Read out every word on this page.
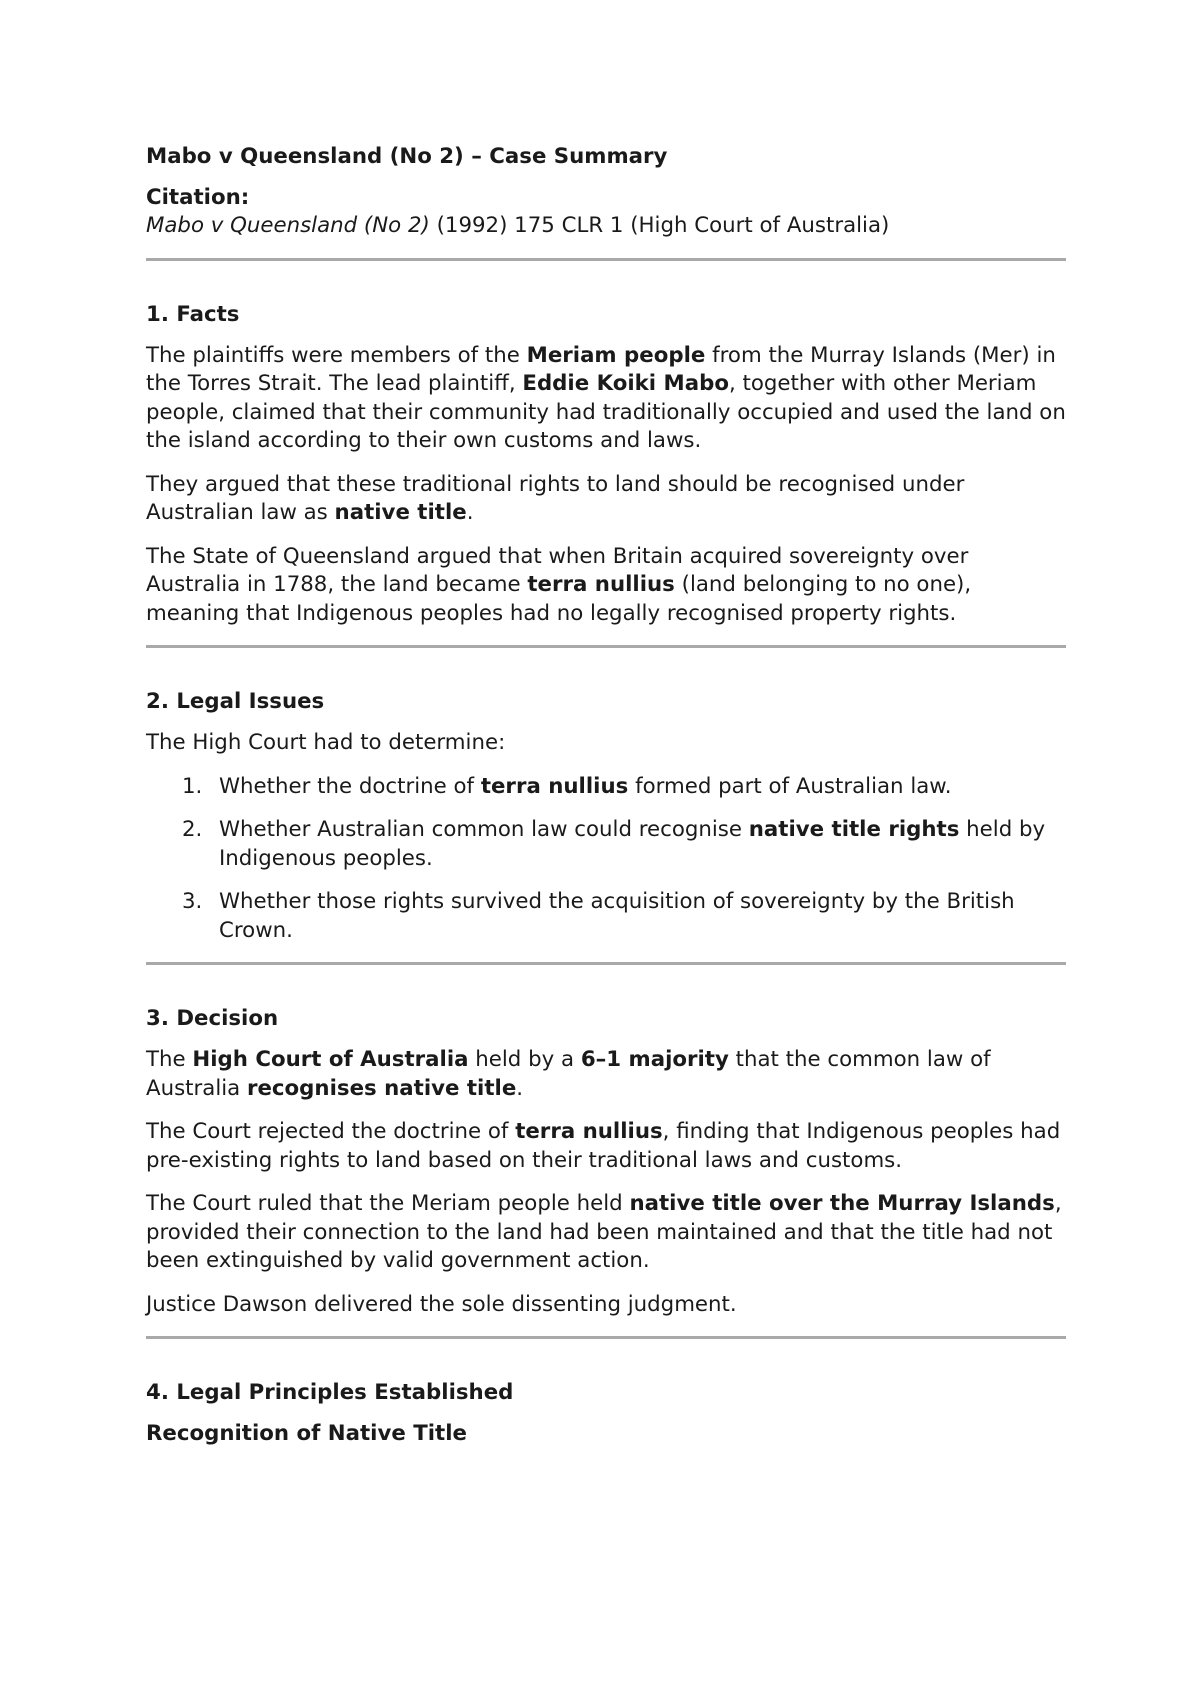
Mabo v Queensland (No 2) – Case Summary

Citation:

Mabo v Queensland (No 2) (1992) 175 CLR 1 (High Court of Australia)

1. Facts

The plaintiffs were members of the Meriam people from the Murray Islands (Mer) in the Torres Strait. The lead plaintiff, Eddie Koiki Mabo, together with other Meriam people, claimed that their community had traditionally occupied and used the land on the island according to their own customs and laws.

They argued that these traditional rights to land should be recognised under Australian law as native title.

The State of Queensland argued that when Britain acquired sovereignty over Australia in 1788, the land became terra nullius (land belonging to no one), meaning that Indigenous peoples had no legally recognised property rights.

2. Legal Issues

The High Court had to determine:

1. Whether the doctrine of terra nullius formed part of Australian law.
2. Whether Australian common law could recognise native title rights held by Indigenous peoples.
3. Whether those rights survived the acquisition of sovereignty by the British Crown.
3. Decision

The High Court of Australia held by a 6–1 majority that the common law of Australia recognises native title.

The Court rejected the doctrine of terra nullius, finding that Indigenous peoples had pre-existing rights to land based on their traditional laws and customs.

The Court ruled that the Meriam people held native title over the Murray Islands, provided their connection to the land had been maintained and that the title had not been extinguished by valid government action.

Justice Dawson delivered the sole dissenting judgment.

4. Legal Principles Established
Recognition of Native Title
